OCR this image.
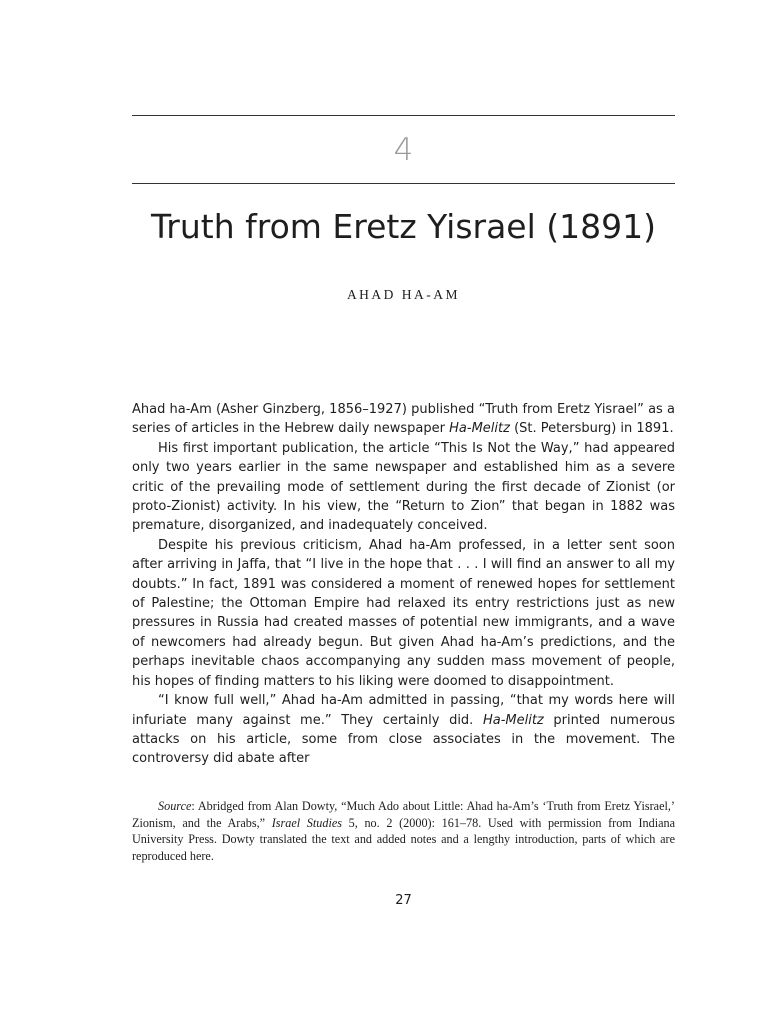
4
Truth from Eretz Yisrael (1891)
AHAD HA-AM

Ahad ha-Am (Asher Ginzberg, 1856–1927) published “Truth from Eretz Yisrael” as a series of articles in the Hebrew daily newspaper Ha-Melitz (St. Petersburg) in 1891.

His first important publication, the article “This Is Not the Way,” had appeared only two years earlier in the same newspaper and established him as a severe critic of the prevailing mode of settlement during the first decade of Zionist (or proto-Zionist) activity. In his view, the “Return to Zion” that began in 1882 was premature, disorganized, and inadequately conceived.

Despite his previous criticism, Ahad ha-Am professed, in a letter sent soon after arriving in Jaffa, that “I live in the hope that . . . I will find an answer to all my doubts.” In fact, 1891 was considered a moment of renewed hopes for settlement of Palestine; the Ottoman Empire had relaxed its entry restrictions just as new pressures in Russia had created masses of potential new immigrants, and a wave of newcomers had already begun. But given Ahad ha-Am’s predictions, and the perhaps inevitable chaos accompanying any sudden mass movement of people, his hopes of finding matters to his liking were doomed to disappointment.

“I know full well,” Ahad ha-Am admitted in passing, “that my words here will infuriate many against me.” They certainly did. Ha-Melitz printed numerous attacks on his article, some from close associates in the movement. The controversy did abate after

Source: Abridged from Alan Dowty, “Much Ado about Little: Ahad ha-Am’s ‘Truth from Eretz Yisrael,’ Zionism, and the Arabs,” Israel Studies 5, no. 2 (2000): 161–78. Used with permission from Indiana University Press. Dowty translated the text and added notes and a lengthy introduction, parts of which are reproduced here.
27
